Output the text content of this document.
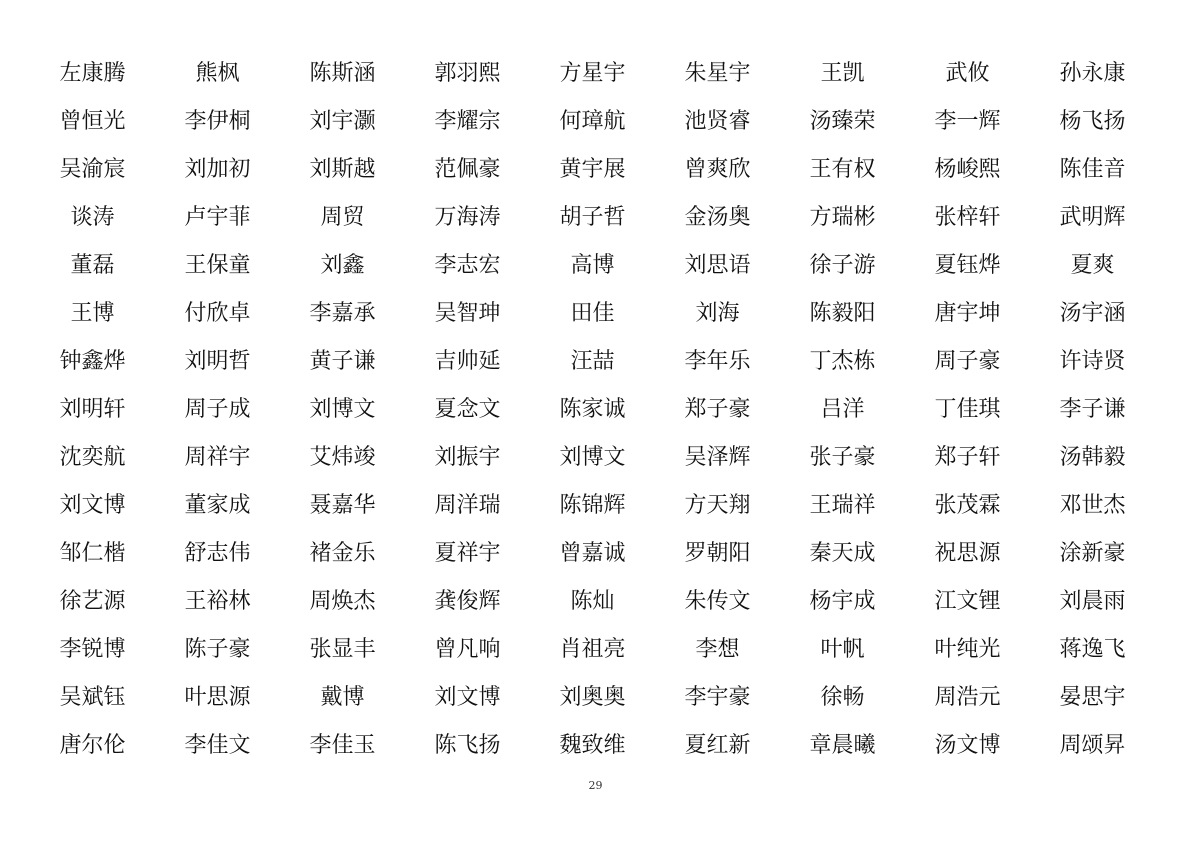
左康腾	熊枫	陈斯涵	郭羽熙	方星宇	朱星宇	王凯	武攸	孙永康
曾恒光	李伊桐	刘宇灏	李耀宗	何璋航	池贤睿	汤臻荣	李一辉	杨飞扬
吴渝宸	刘加初	刘斯越	范佩豪	黄宇展	曾爽欣	王有权	杨峻熙	陈佳音
谈涛	卢宇菲	周贸	万海涛	胡子哲	金汤奥	方瑞彬	张梓轩	武明辉
董磊	王保童	刘鑫	李志宏	高博	刘思语	徐子游	夏钰烨	夏爽
王博	付欣卓	李嘉承	吴智珅	田佳	刘海	陈毅阳	唐宇坤	汤宇涵
钟鑫烨	刘明哲	黄子谦	吉帅延	汪喆	李年乐	丁杰栋	周子豪	许诗贤
刘明轩	周子成	刘博文	夏念文	陈家诚	郑子豪	吕洋	丁佳琪	李子谦
沈奕航	周祥宇	艾炜竣	刘振宇	刘博文	吴泽辉	张子豪	郑子轩	汤韩毅
刘文博	董家成	聂嘉华	周洋瑞	陈锦辉	方天翔	王瑞祥	张茂霖	邓世杰
邹仁楷	舒志伟	褚金乐	夏祥宇	曾嘉诚	罗朝阳	秦天成	祝思源	涂新豪
徐艺源	王裕林	周焕杰	龚俊辉	陈灿	朱传文	杨宇成	江文锂	刘晨雨
李锐博	陈子豪	张显丰	曾凡响	肖祖亮	李想	叶帆	叶纯光	蒋逸飞
吴斌钰	叶思源	戴博	刘文博	刘奥奥	李宇豪	徐畅	周浩元	晏思宇
唐尔伦	李佳文	李佳玉	陈飞扬	魏致维	夏红新	章晨曦	汤文博	周颂昇
29
